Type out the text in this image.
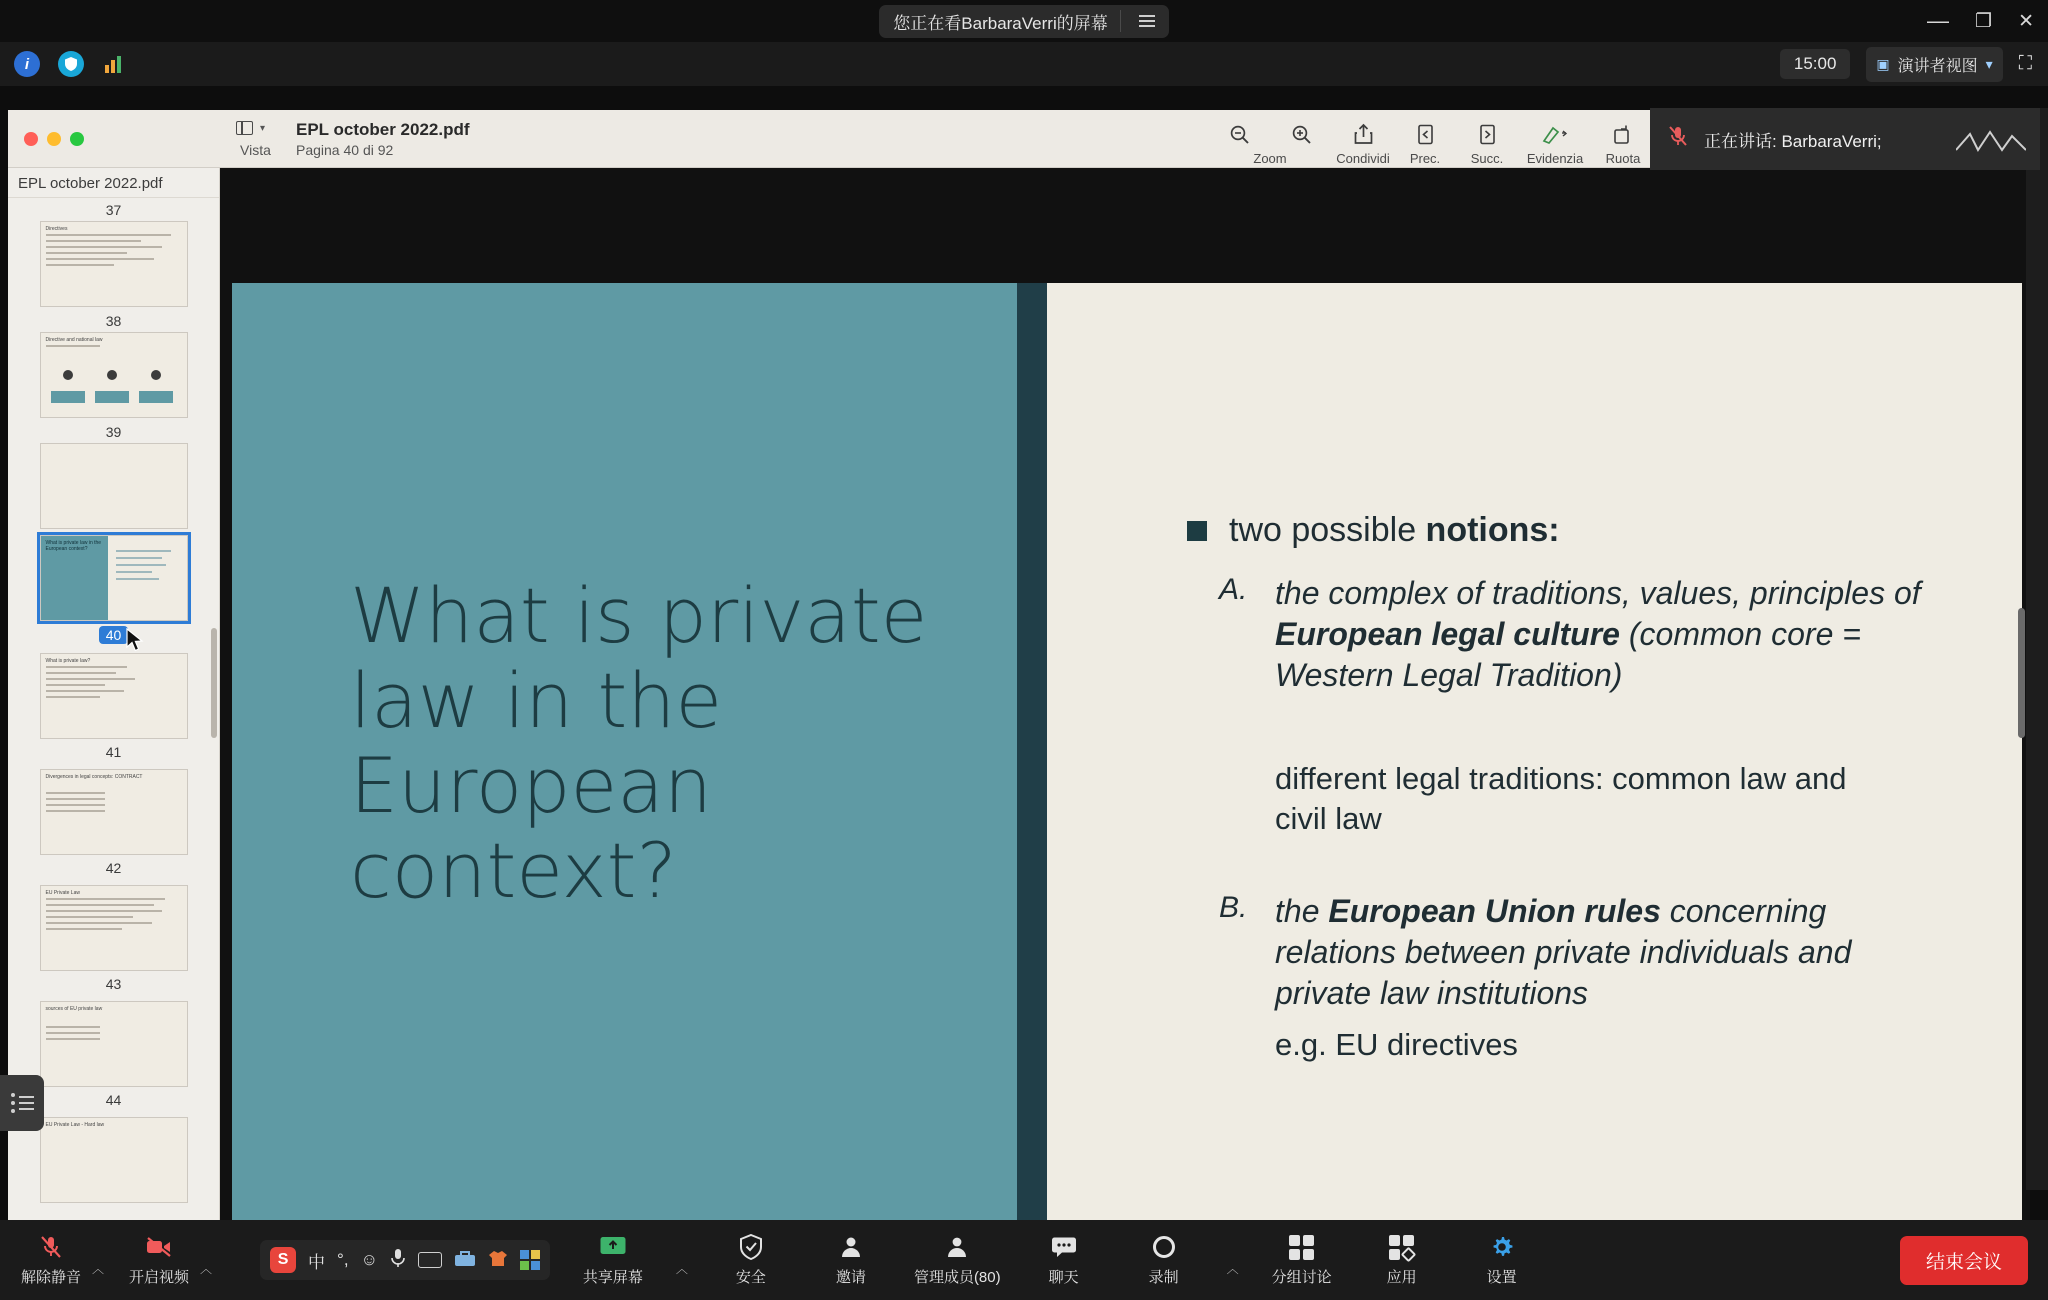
您正在看BarbaraVerri的屏幕	— ❐ ✕
i	15:00	▣ 演讲者视图 ▾ ⛶
▾
Vista
EPL october 2022.pdf
Pagina 40 di 92
Zoom	Condividi Prec. Succ. Evidenzia Ruota
EPL october 2022.pdf
37
Directives
38
Directive and national law
39
What is private law in the European context?
40
What is private law?
41
Divergences in legal concepts: CONTRACT
42
EU Private Law
43
sources of EU private law
44
EU Private Law - Hard law
What is private law in the European context?
two possible notions:
A. the complex of traditions, values, principles of European legal culture (common core = Western Legal Tradition)
different legal traditions: common law and civil law
B. the European Union rules concerning relations between private individuals and private law institutions
e.g. EU directives
正在讲话: BarbaraVerri;
解除静音 ︿ 开启视频 ︿
S	中 °, ☺
共享屏幕	︿	安全	邀请	管理成员(80)	聊天	录制	︿ 分组讨论	应用	设置
结束会议
